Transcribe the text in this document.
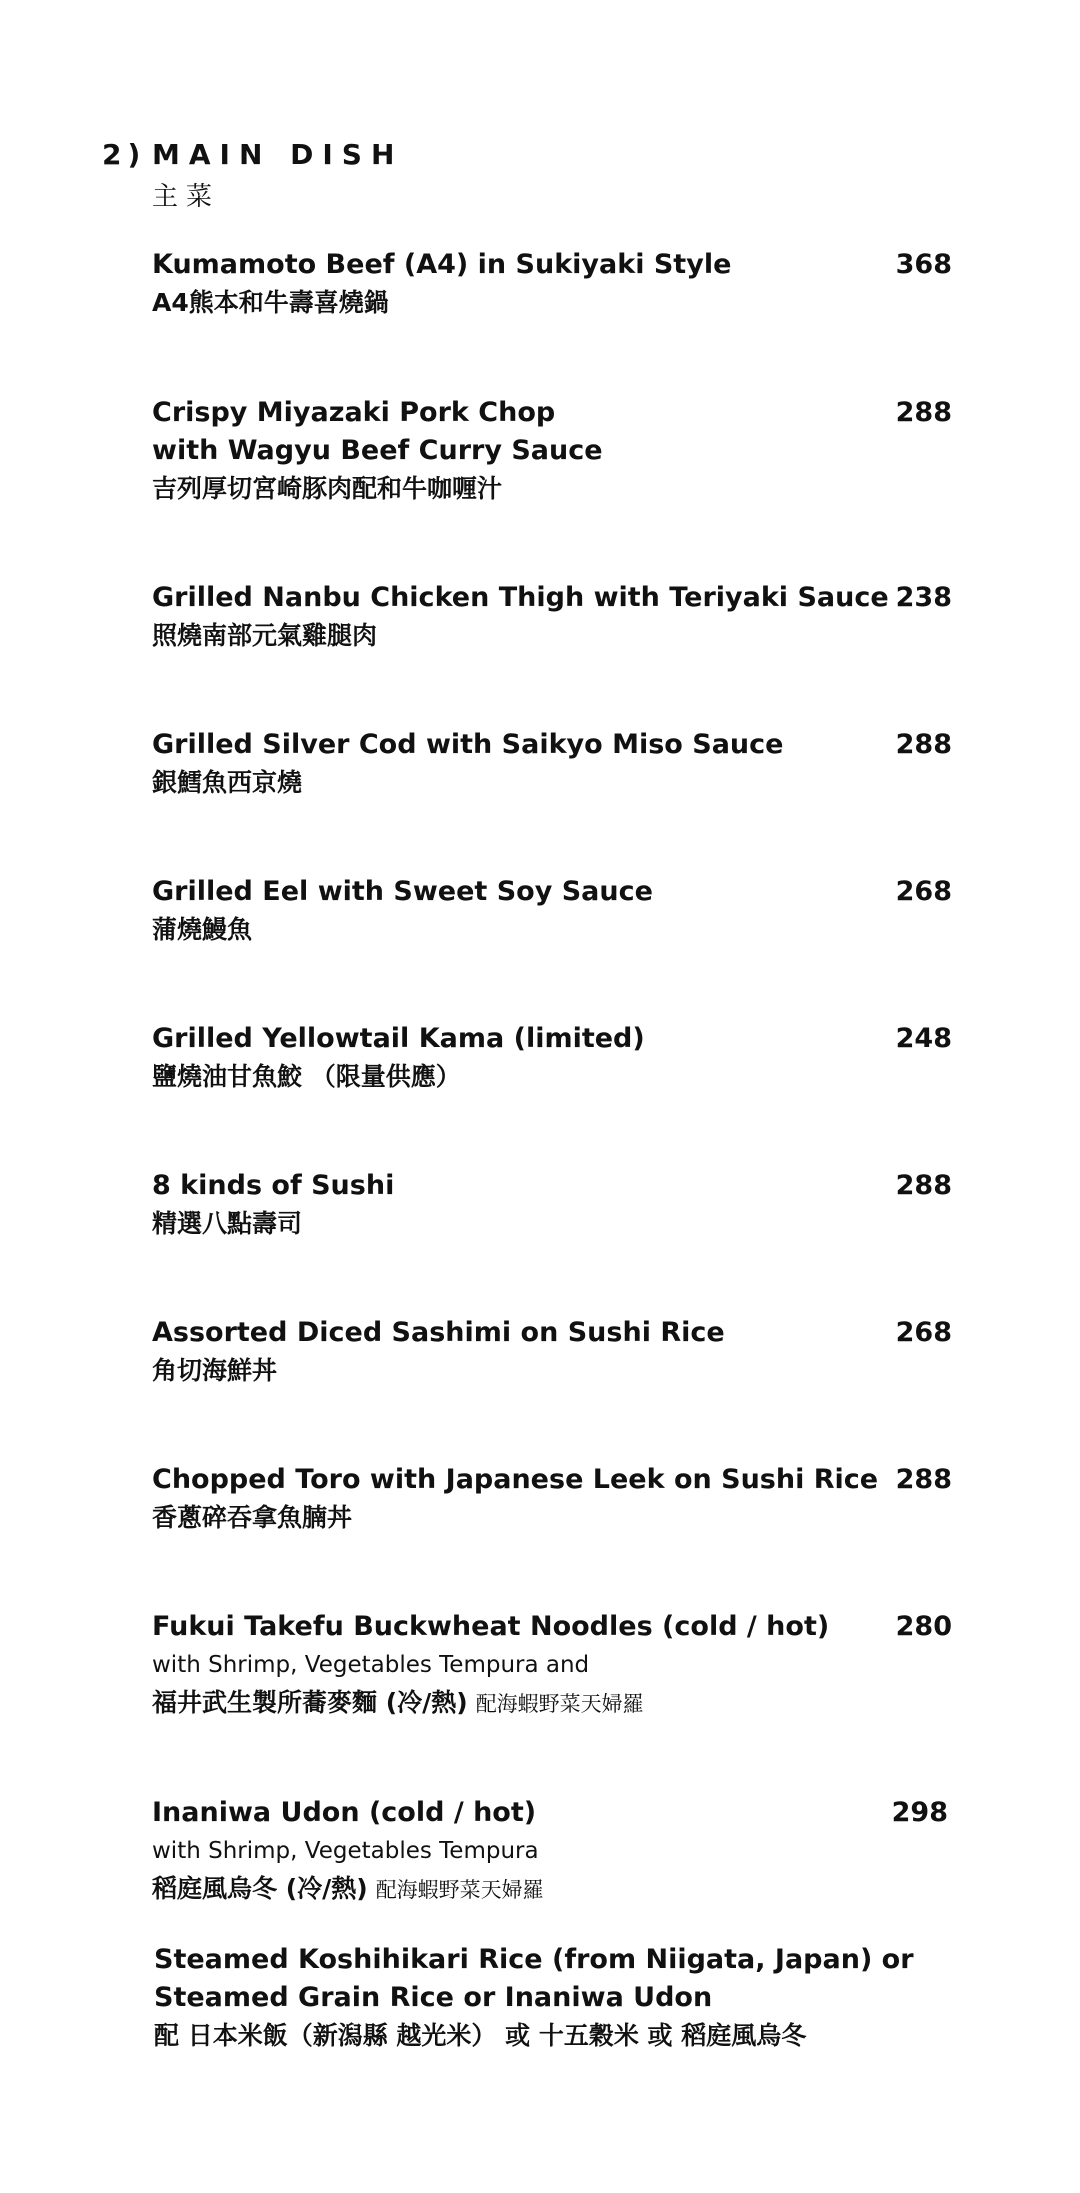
2) MAIN DISH
主菜
Kumamoto Beef (A4) in Sukiyaki Style
A4熊本和牛壽喜燒鍋
368
Crispy Miyazaki Pork Chop
with Wagyu Beef Curry Sauce
吉列厚切宮崎豚肉配和牛咖喱汁
288
Grilled Nanbu Chicken Thigh with Teriyaki Sauce
照燒南部元氣雞腿肉
238
Grilled Silver Cod with Saikyo Miso Sauce
銀鱈魚西京燒
288
Grilled Eel with Sweet Soy Sauce
蒲燒鰻魚
268
Grilled Yellowtail Kama (limited)
鹽燒油甘魚鮫 （限量供應）
248
8 kinds of Sushi
精選八點壽司
288
Assorted Diced Sashimi on Sushi Rice
角切海鮮丼
268
Chopped Toro with Japanese Leek on Sushi Rice
香蔥碎吞拿魚腩丼
288
Fukui Takefu Buckwheat Noodles (cold / hot)
with Shrimp, Vegetables Tempura and
福井武生製所蕎麥麵 (冷/熱) 配海蝦野菜天婦羅
280
Inaniwa Udon (cold / hot)
with Shrimp, Vegetables Tempura
稻庭風烏冬 (冷/熱) 配海蝦野菜天婦羅
298
Steamed Koshihikari Rice (from Niigata, Japan) or
Steamed Grain Rice or Inaniwa Udon
配 日本米飯（新潟縣 越光米） 或 十五穀米 或 稻庭風烏冬
